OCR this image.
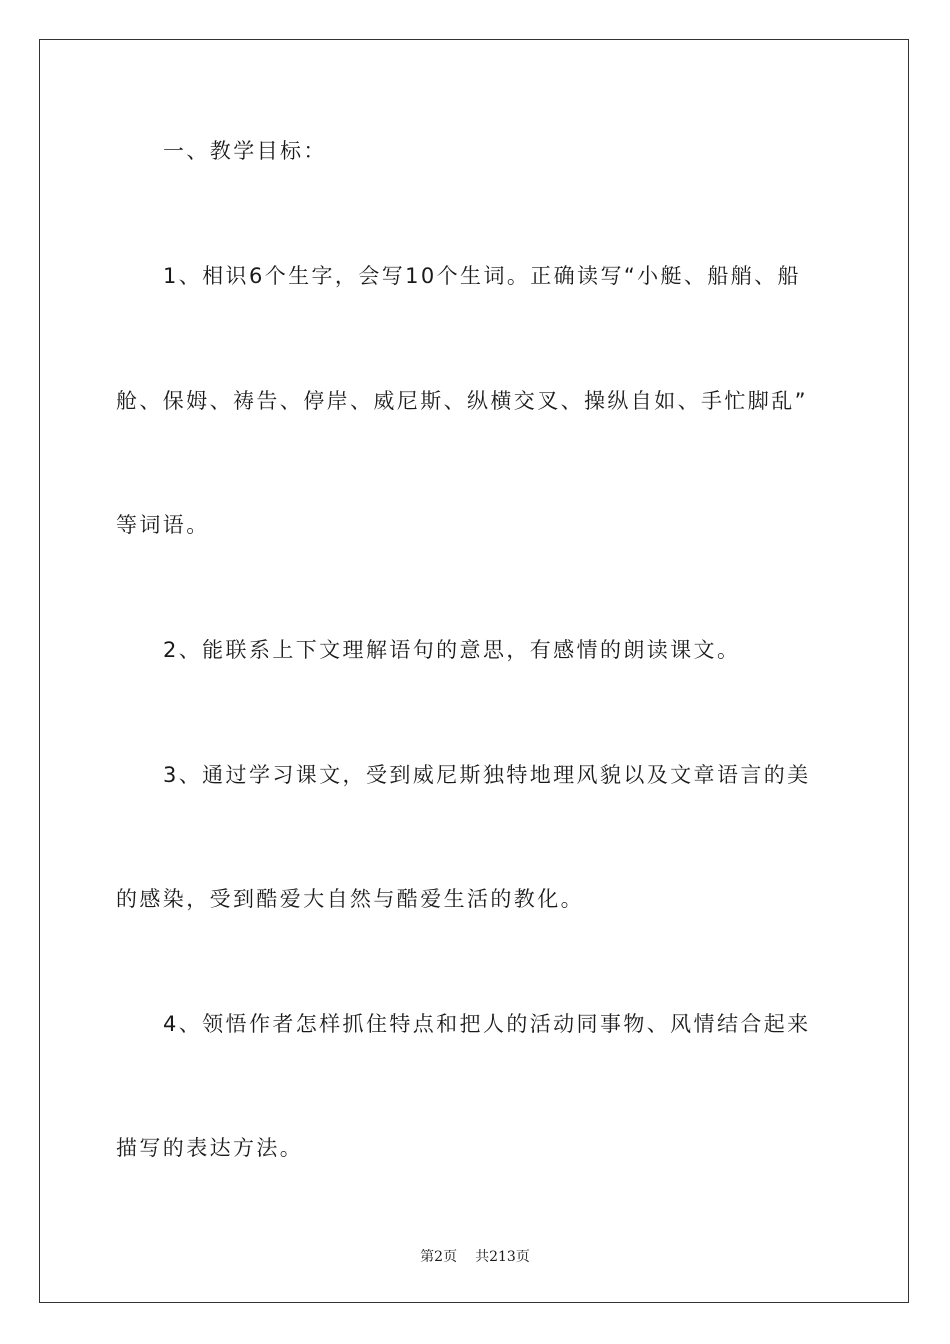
一、教学目标：
1、相识6个生字，会写10个生词。正确读写“小艇、船艄、船
舱、保姆、祷告、停岸、威尼斯、纵横交叉、操纵自如、手忙脚乱”
等词语。
2、能联系上下文理解语句的意思，有感情的朗读课文。
3、通过学习课文，受到威尼斯独特地理风貌以及文章语言的美
的感染，受到酷爱大自然与酷爱生活的教化。
4、领悟作者怎样抓住特点和把人的活动同事物、风情结合起来
描写的表达方法。
第2页 共213页
